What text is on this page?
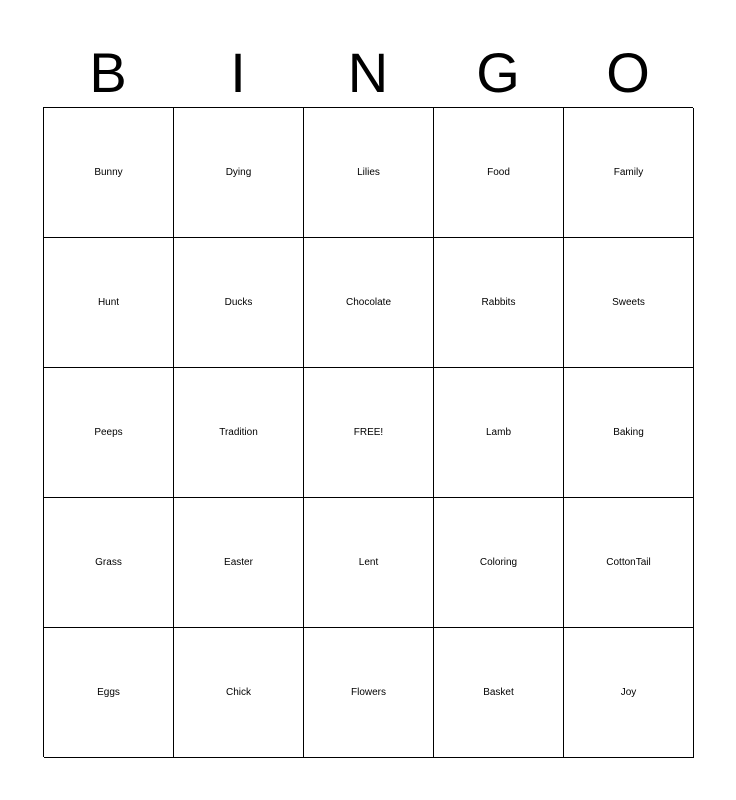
B	I	N	G	O
Bunny	Dying	Lilies	Food	Family
Hunt	Ducks	Chocolate	Rabbits	Sweets
Peeps	Tradition	FREE!	Lamb	Baking
Grass	Easter	Lent	Coloring	CottonTail
Eggs	Chick	Flowers	Basket	Joy
